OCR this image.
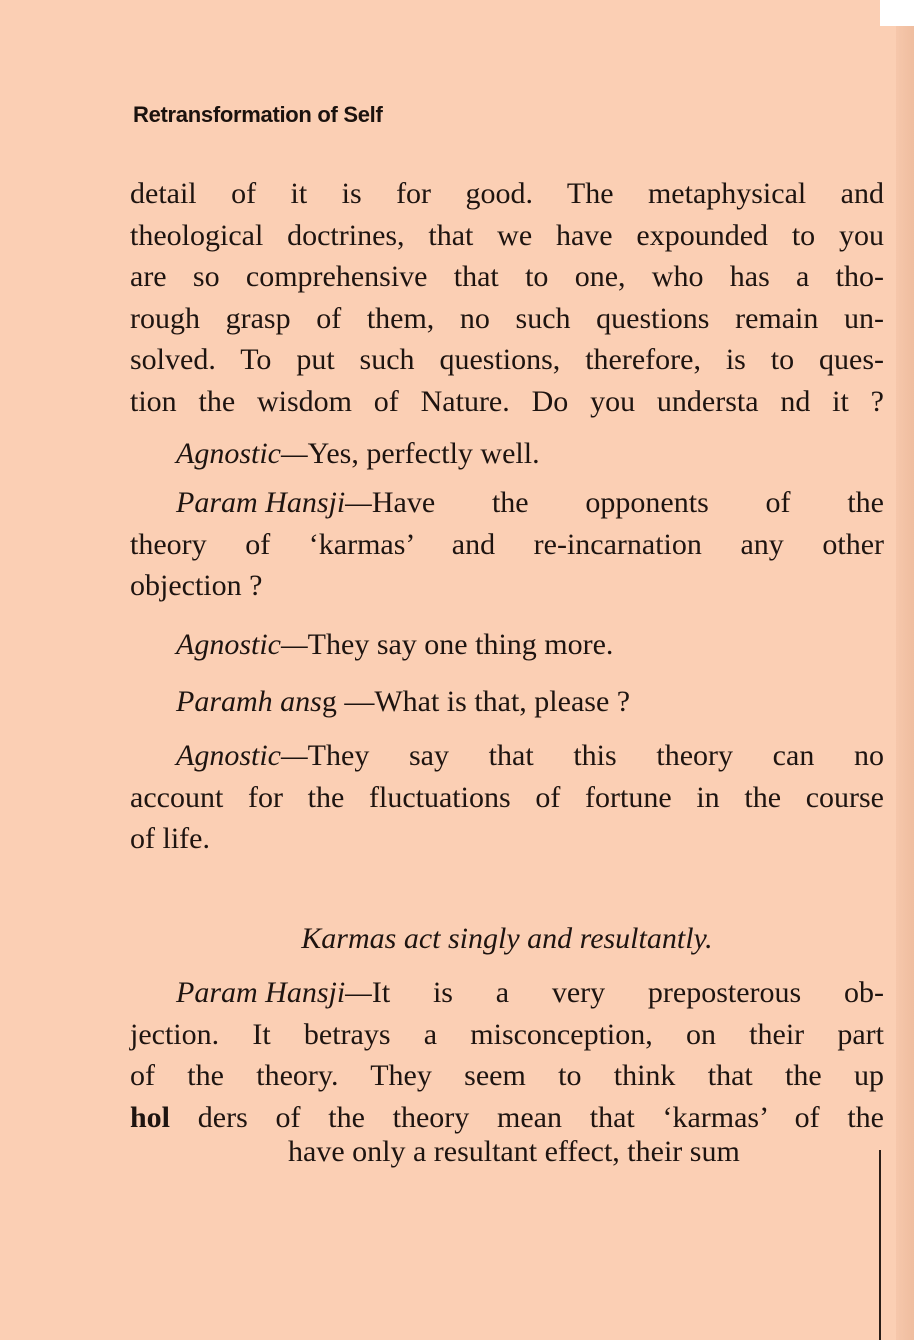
Retransformation of Self
detail of it is for good. The metaphysical and
theological doctrines, that we have expounded to you
are so comprehensive that to one, who has a tho-
rough grasp of them, no such questions remain un-
solved. To put such questions, therefore, is to ques-
tion the wisdom of Nature. Do you understa nd it ?
Agnostic—Yes, perfectly well.
Param Hansji— Have the opponents of the
theory of ‘karmas’ and re-incarnation any other
objection ?
Agnostic—They say one thing more.
Paramh ansg —What is that, please ?
Agnostic— They say that this theory can no
account for the fluctuations of fortune in the course
of life.
Karmas act singly and resultantly.
Param Hansji— It is a very preposterous ob-
jection. It betrays a misconception, on their part
of the theory. They seem to think that the up
hol ders of the theory mean that ‘karmas’ of the
have only a resultant effect, their sum
